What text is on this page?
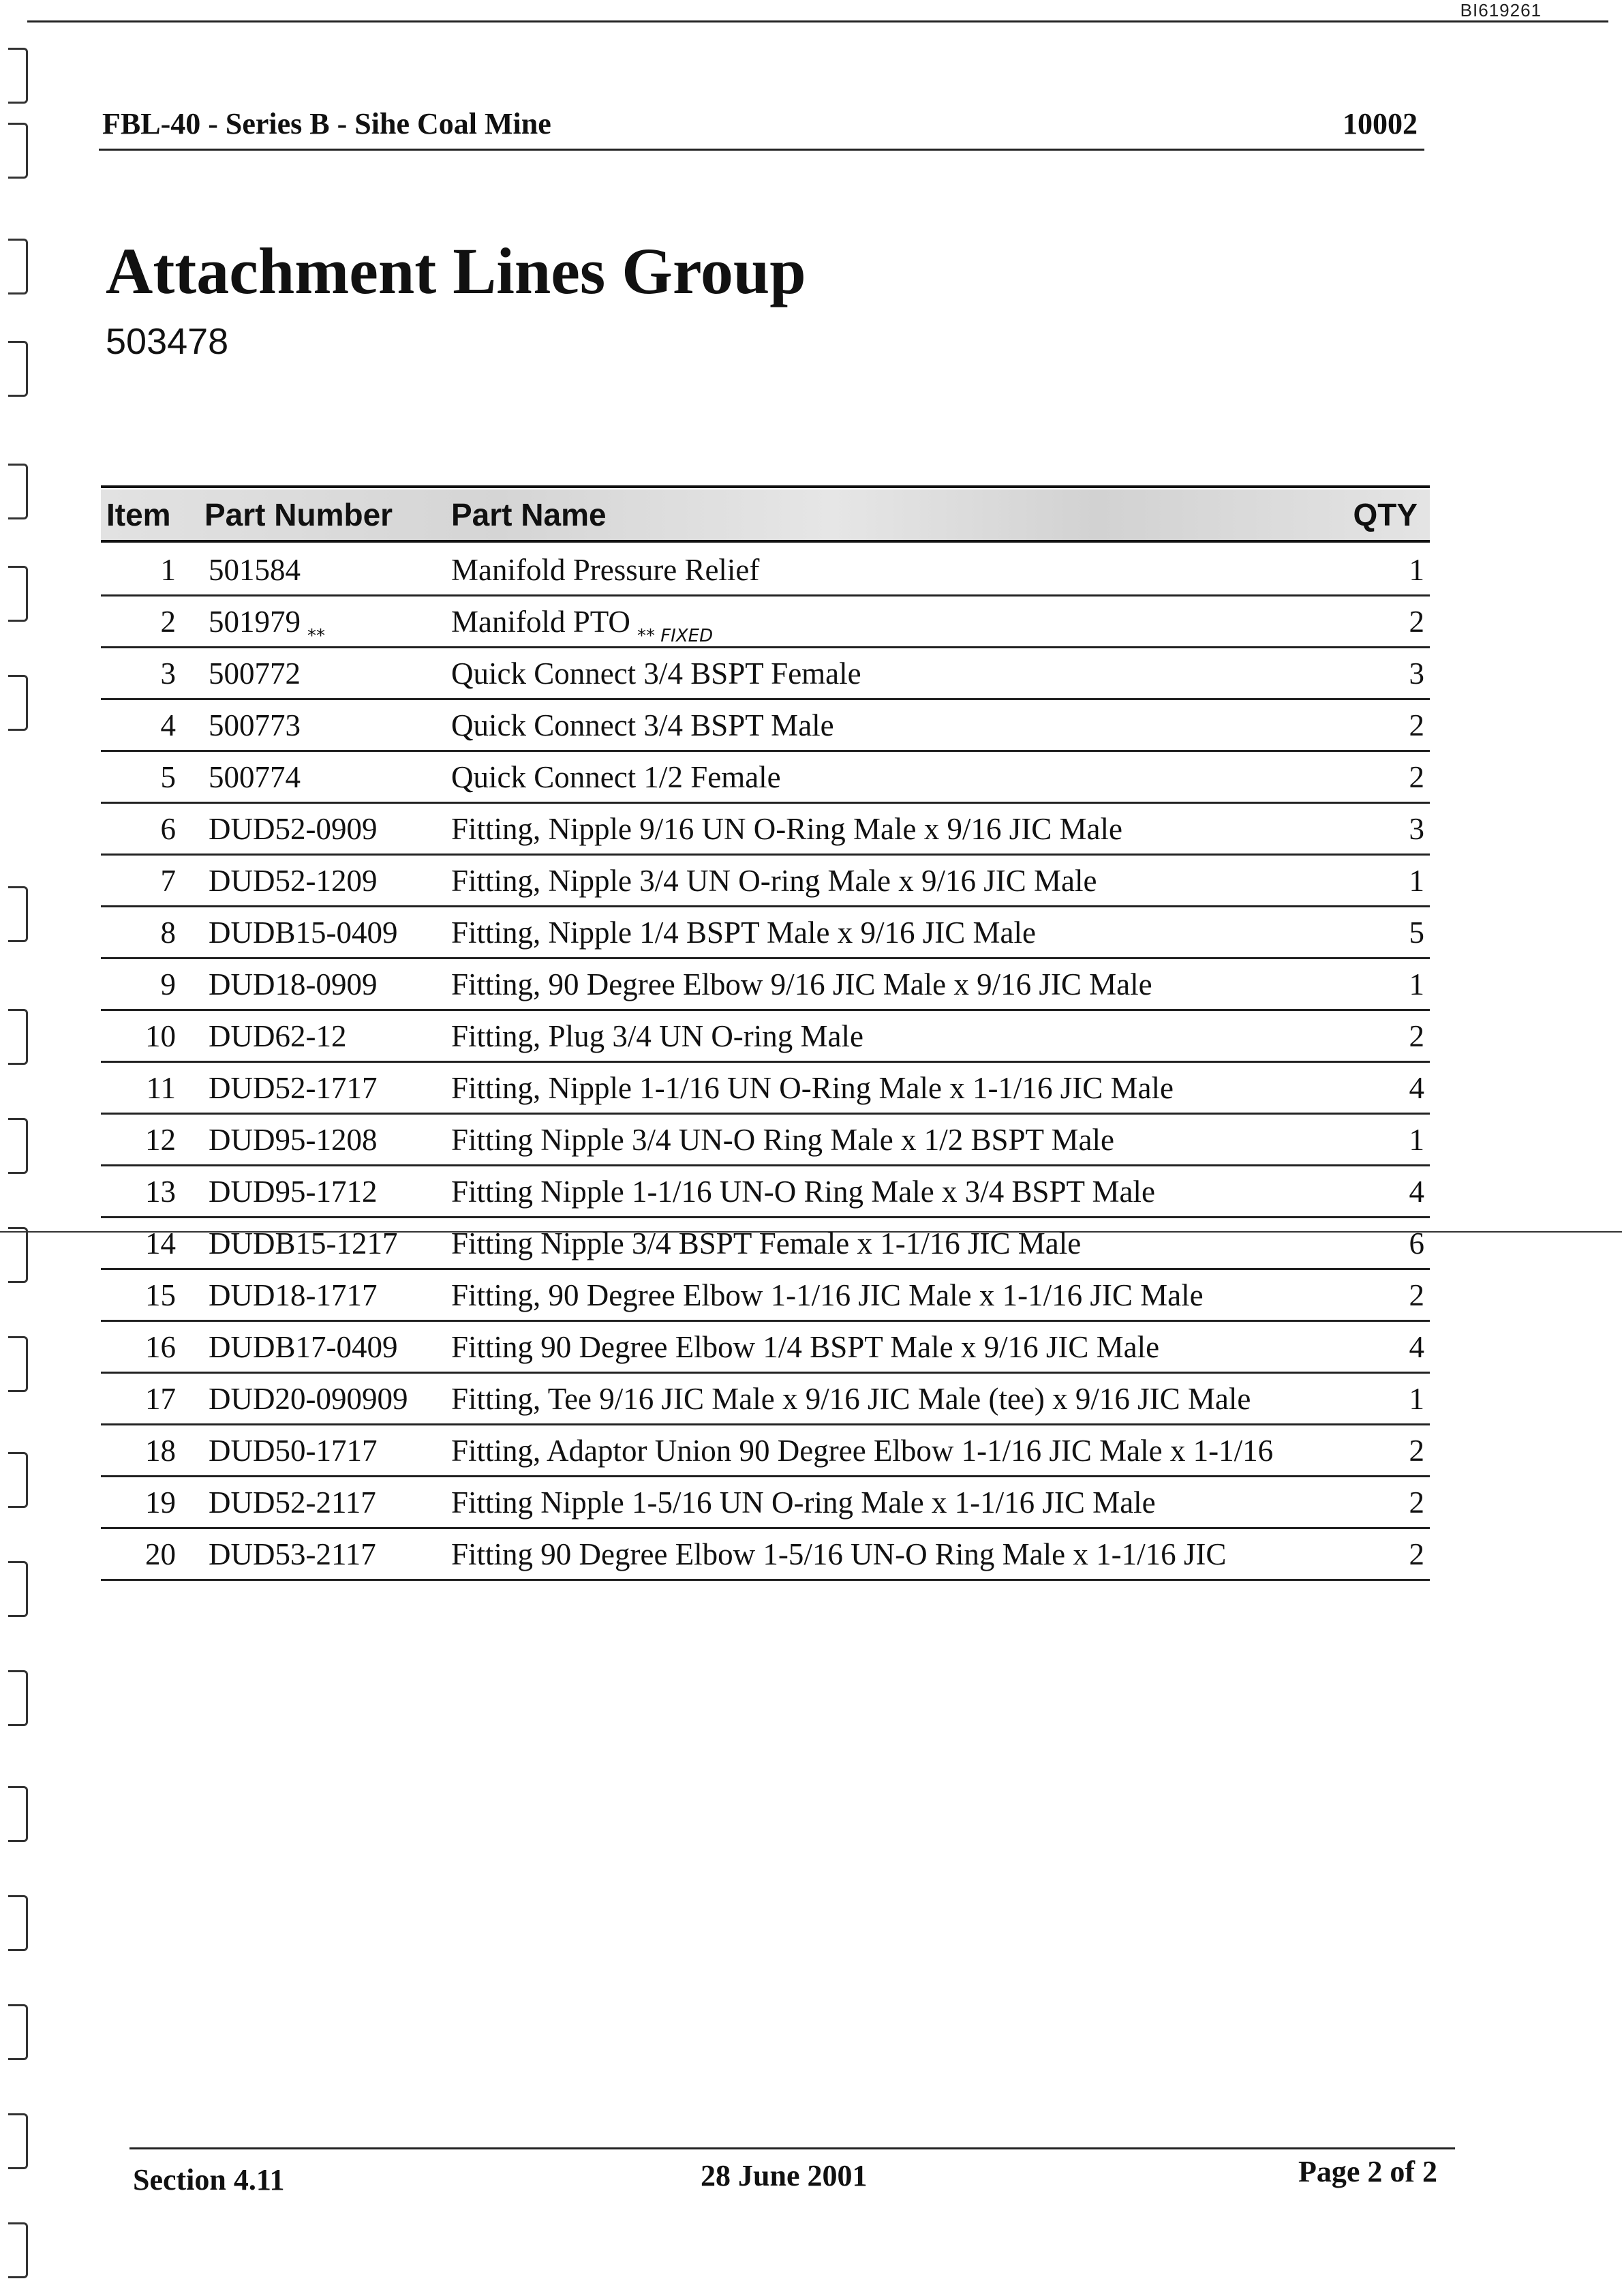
BI619261
FBL-40 - Series B - Sihe Coal Mine	10002
Attachment Lines Group
503478
Item Part Number Part Name	QTY
1 501584	Manifold Pressure Relief	1
2 501979 $_{**}$	Manifold PTO $_{** FIXED}$	2
3 500772	Quick Connect 3/4 BSPT Female	3
4 500773	Quick Connect 3/4 BSPT Male	2
5 500774	Quick Connect 1/2 Female	2
6 DUD52-0909 Fitting, Nipple 9/16 UN O-Ring Male x 9/16 JIC Male	3
7 DUD52-1209 Fitting, Nipple 3/4 UN O-ring Male x 9/16 JIC Male	1
8 DUDB15-0409 Fitting, Nipple 1/4 BSPT Male x 9/16 JIC Male	5
9 DUD18-0909 Fitting, 90 Degree Elbow 9/16 JIC Male x 9/16 JIC Male	1
10 DUD62-12	Fitting, Plug 3/4 UN O-ring Male	2
11 DUD52-1717 Fitting, Nipple 1-1/16 UN O-Ring Male x 1-1/16 JIC Male	4
12 DUD95-1208 Fitting Nipple 3/4 UN-O Ring Male x 1/2 BSPT Male	1
13 DUD95-1712 Fitting Nipple 1-1/16 UN-O Ring Male x 3/4 BSPT Male	4
14 DUDB15-1217 Fitting Nipple 3/4 BSPT Female x 1-1/16 JIC Male	6
15 DUD18-1717 Fitting, 90 Degree Elbow 1-1/16 JIC Male x 1-1/16 JIC Male	2
16 DUDB17-0409 Fitting 90 Degree Elbow 1/4 BSPT Male x 9/16 JIC Male	4
17 DUD20-090909 Fitting, Tee 9/16 JIC Male x 9/16 JIC Male (tee) x 9/16 JIC Male	1
18 DUD50-1717 Fitting, Adaptor Union 90 Degree Elbow 1-1/16 JIC Male x 1-1/16	2
19 DUD52-2117 Fitting Nipple 1-5/16 UN O-ring Male x 1-1/16 JIC Male	2
20 DUD53-2117 Fitting 90 Degree Elbow 1-5/16 UN-O Ring Male x 1-1/16 JIC	2
Section 4.11	28 June 2001	Page 2 of 2
